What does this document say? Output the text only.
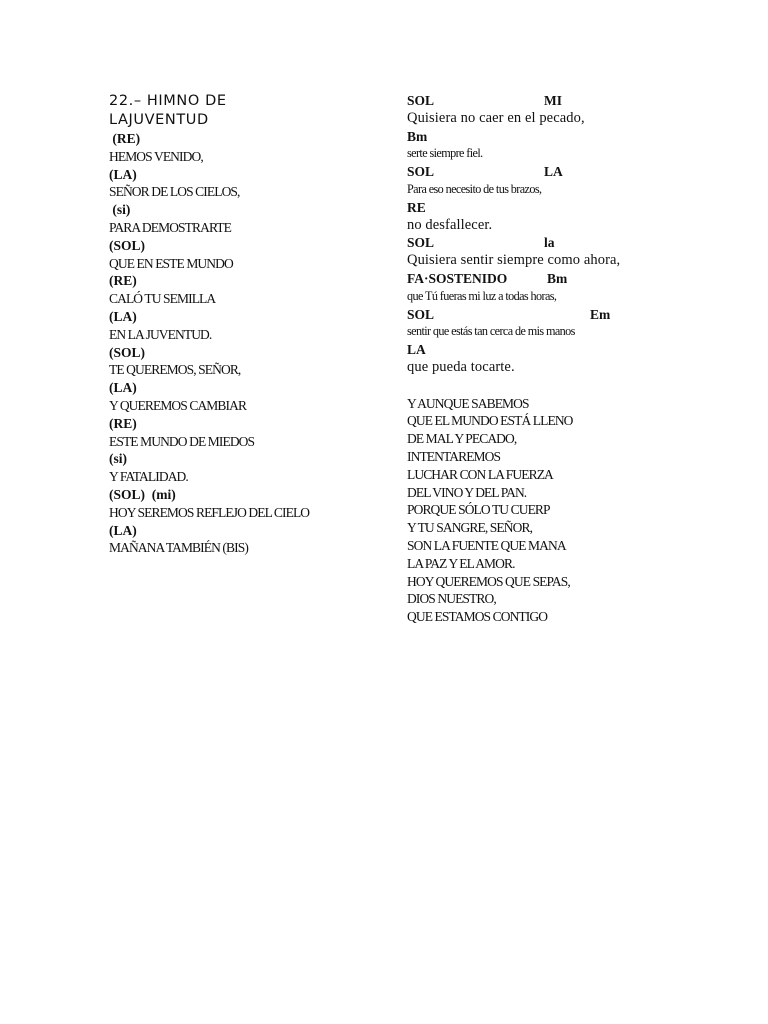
22.– HIMNO DE
LAJUVENTUD
(RE)
HEMOS VENIDO,
(LA)
SEÑOR DE LOS CIELOS,
(si)
PARA DEMOSTRARTE
(SOL)
QUE EN ESTE MUNDO
(RE)
CALÓ TU SEMILLA
(LA)
EN LA JUVENTUD.
(SOL)
TE QUEREMOS, SEÑOR,
(LA)
Y QUEREMOS CAMBIAR
(RE)
ESTE MUNDO DE MIEDOS
(si)
Y FATALIDAD.
(SOL)  (mi)
HOY SEREMOS REFLEJO DEL CIELO
(LA)
MAÑANA TAMBIÉN (BIS)
SOL	MI
Quisiera no caer en el pecado,
Bm
serte siempre fiel.
SOL	LA
Para eso necesito de tus brazos,
RE
no desfallecer.
SOL	la
Quisiera sentir siempre como ahora,
FA·SOSTENIDO	Bm
que Tú fueras mi luz a todas horas,
SOL	Em
sentir que estás tan cerca de mis manos
LA
que pueda tocarte.
Y AUNQUE SABEMOS
QUE EL MUNDO ESTÁ LLENO
DE MAL Y PECADO,
INTENTAREMOS
LUCHAR CON LA FUERZA
DEL VINO Y DEL PAN.
PORQUE SÓLO TU CUERP
Y TU SANGRE, SEÑOR,
SON LA FUENTE QUE MANA
LA PAZ Y EL AMOR.
HOY QUEREMOS QUE SEPAS,
DIOS NUESTRO,
QUE ESTAMOS CONTIGO
